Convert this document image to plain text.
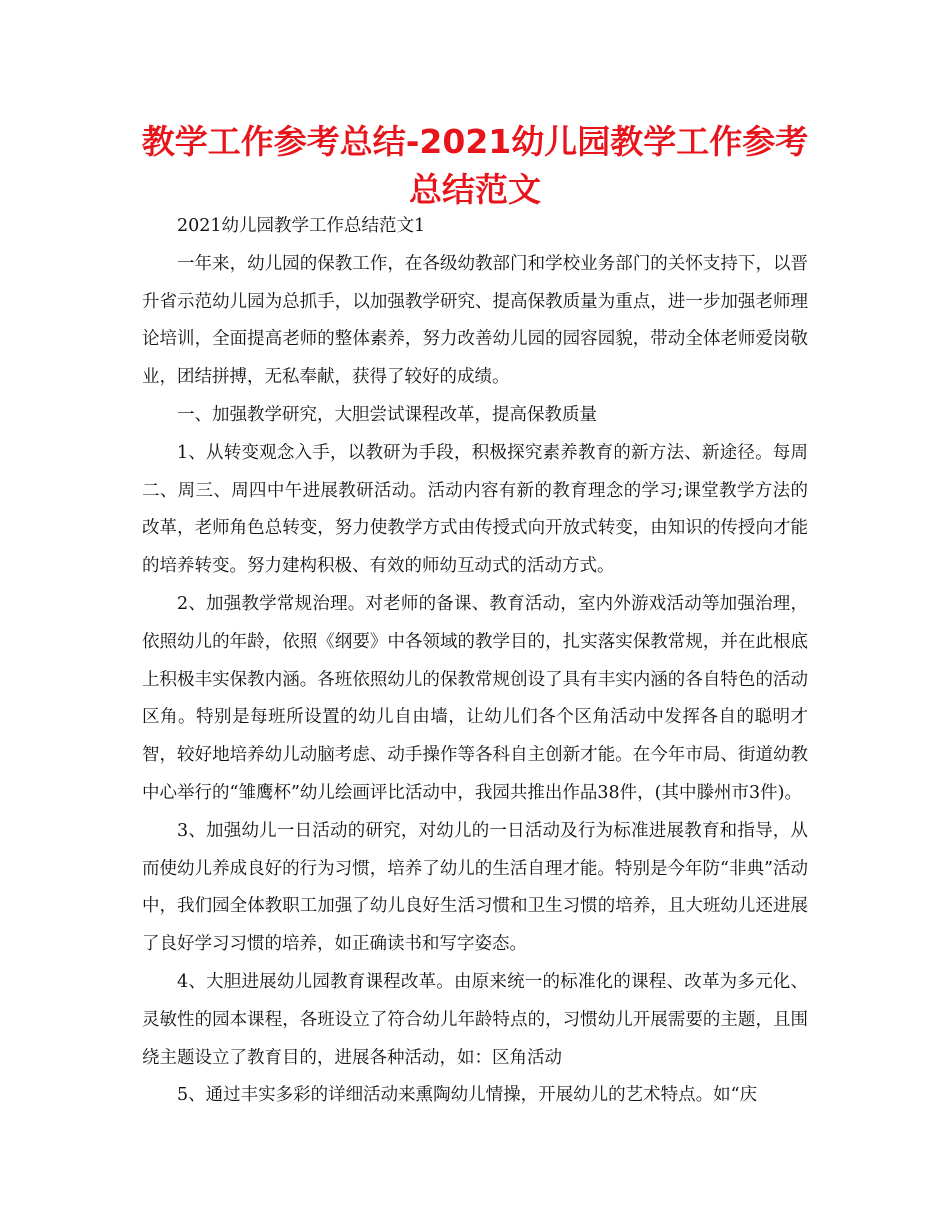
教学工作参考总结-2021幼儿园教学工作参考总结范文

2021幼儿园教学工作总结范文1

一年来，幼儿园的保教工作，在各级幼教部门和学校业务部门的关怀支持下，以晋升省示范幼儿园为总抓手，以加强教学研究、提高保教质量为重点，进一步加强老师理论培训，全面提高老师的整体素养，努力改善幼儿园的园容园貌，带动全体老师爱岗敬业，团结拼搏，无私奉献，获得了较好的成绩。

一、加强教学研究，大胆尝试课程改革，提高保教质量

1、从转变观念入手，以教研为手段，积极探究素养教育的新方法、新途径。每周二、周三、周四中午进展教研活动。活动内容有新的教育理念的学习;课堂教学方法的改革，老师角色总转变，努力使教学方式由传授式向开放式转变，由知识的传授向才能的培养转变。努力建构积极、有效的师幼互动式的活动方式。

2、加强教学常规治理。对老师的备课、教育活动，室内外游戏活动等加强治理，依照幼儿的年龄，依照《纲要》中各领域的教学目的，扎实落实保教常规，并在此根底上积极丰实保教内涵。各班依照幼儿的保教常规创设了具有丰实内涵的各自特色的活动区角。特别是每班所设置的幼儿自由墙，让幼儿们各个区角活动中发挥各自的聪明才智，较好地培养幼儿动脑考虑、动手操作等各科自主创新才能。在今年市局、街道幼教中心举行的“雏鹰杯”幼儿绘画评比活动中，我园共推出作品38件，(其中滕州市3件)。

3、加强幼儿一日活动的研究，对幼儿的一日活动及行为标准进展教育和指导，从而使幼儿养成良好的行为习惯，培养了幼儿的生活自理才能。特别是今年防“非典”活动中，我们园全体教职工加强了幼儿良好生活习惯和卫生习惯的培养，且大班幼儿还进展了良好学习习惯的培养，如正确读书和写字姿态。

4、大胆进展幼儿园教育课程改革。由原来统一的标准化的课程、改革为多元化、灵敏性的园本课程，各班设立了符合幼儿年龄特点的，习惯幼儿开展需要的主题，且围绕主题设立了教育目的，进展各种活动，如：区角活动

5、通过丰实多彩的详细活动来熏陶幼儿情操，开展幼儿的艺术特点。如“庆
